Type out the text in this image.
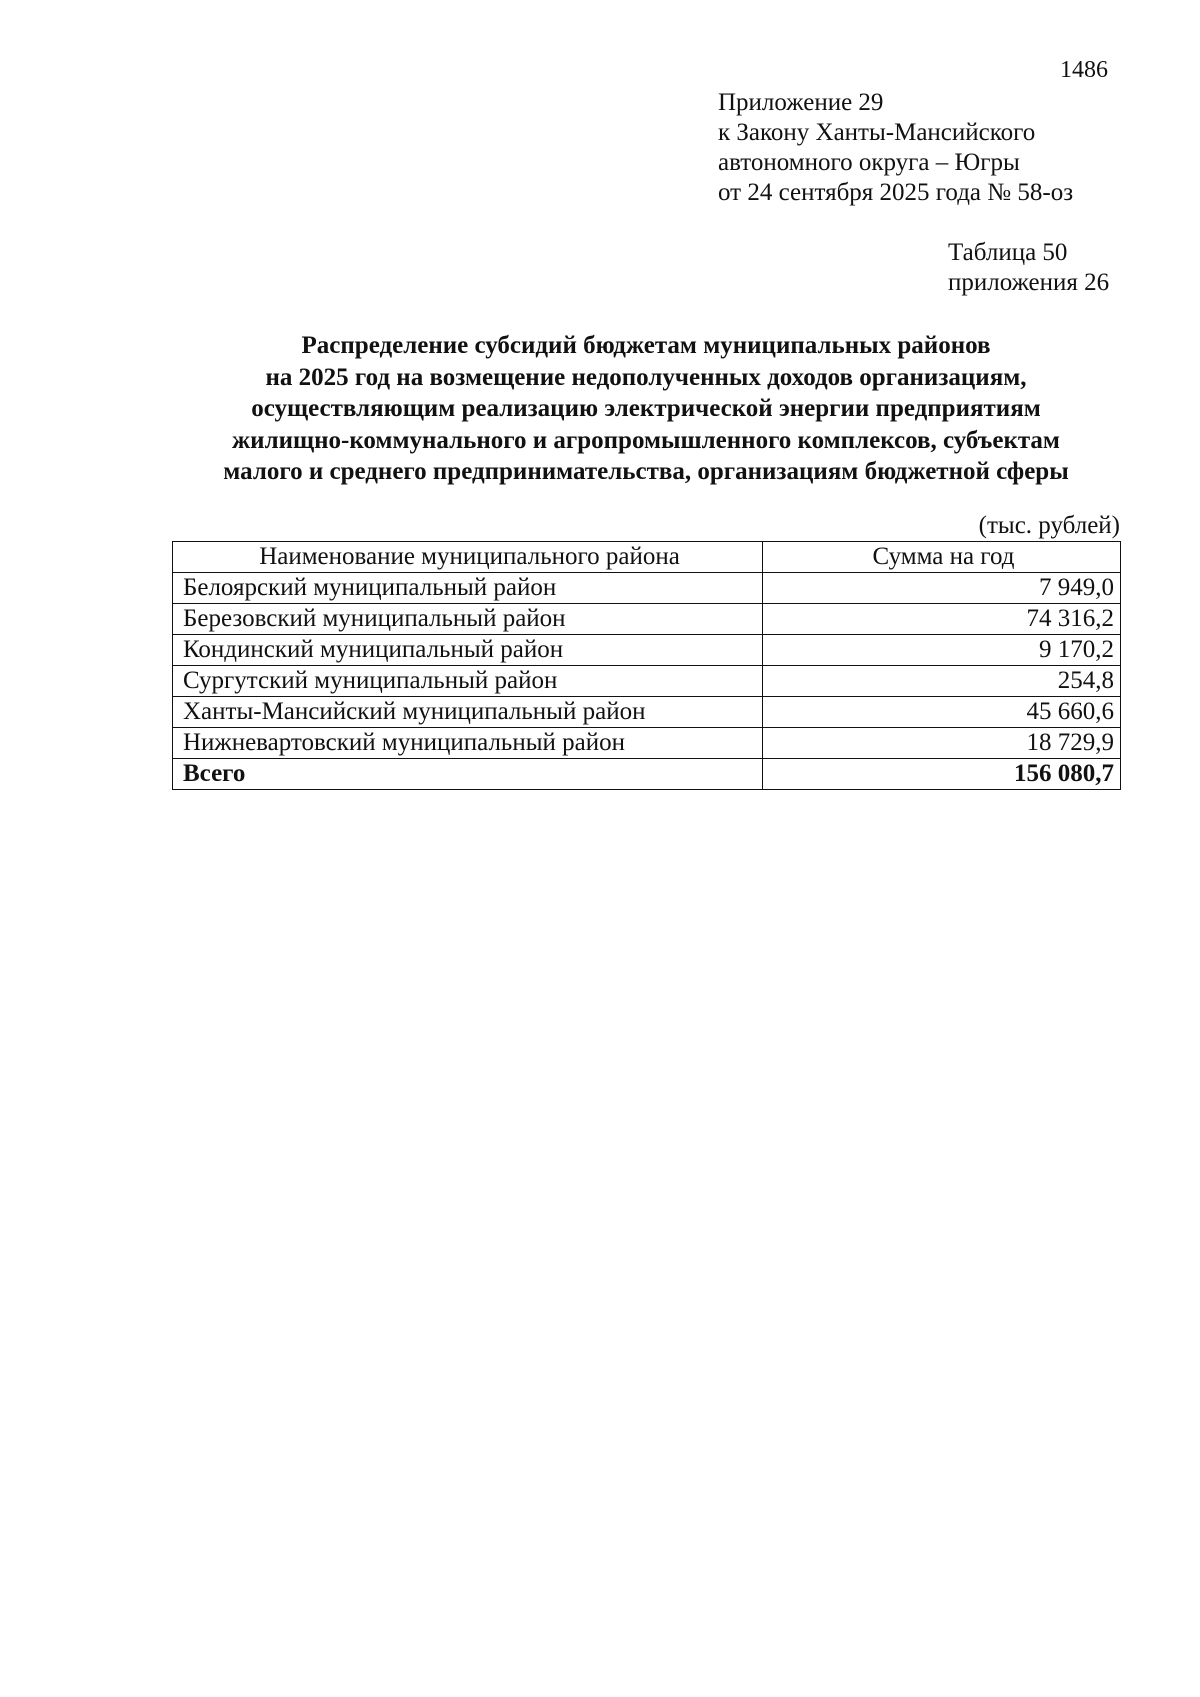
1486
Приложение 29
к Закону Ханты-Мансийского
автономного округа – Югры
от 24 сентября 2025 года № 58-оз
Таблица 50
приложения 26
Распределение субсидий бюджетам муниципальных районов
на 2025 год на возмещение недополученных доходов организациям,
осуществляющим реализацию электрической энергии предприятиям
жилищно-коммунального и агропромышленного комплексов, субъектам
малого и среднего предпринимательства, организациям бюджетной сферы
(тыс. рублей)
Наименование муниципального района	Сумма на год
Белоярский муниципальный район	7 949,0
Березовский муниципальный район	74 316,2
Кондинский муниципальный район	9 170,2
Сургутский муниципальный район	254,8
Ханты-Мансийский муниципальный район	45 660,6
Нижневартовский муниципальный район	18 729,9
Всего	156 080,7
